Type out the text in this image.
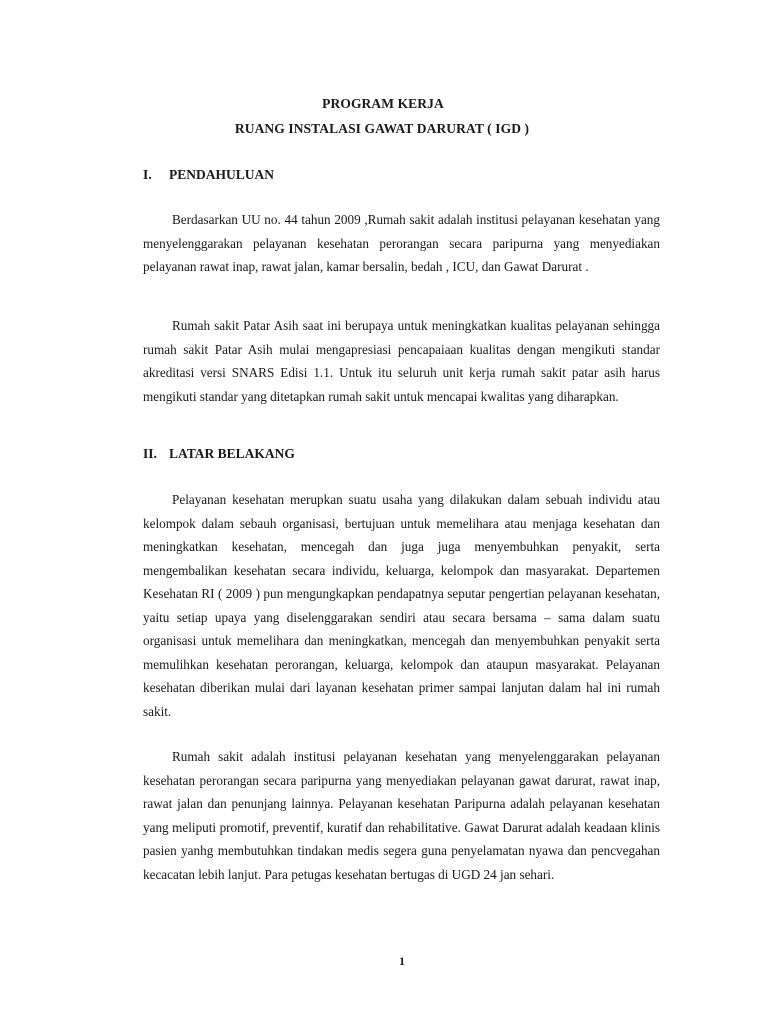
PROGRAM KERJA

RUANG INSTALASI GAWAT DARURAT ( IGD )

I. PENDAHULUAN

Berdasarkan UU no. 44 tahun 2009 ,Rumah sakit adalah institusi pelayanan kesehatan yang menyelenggarakan pelayanan kesehatan perorangan secara paripurna yang menyediakan pelayanan rawat inap, rawat jalan, kamar bersalin, bedah , ICU, dan Gawat Darurat .

Rumah sakit Patar Asih saat ini berupaya untuk meningkatkan kualitas pelayanan sehingga rumah sakit Patar Asih mulai mengapresiasi pencapaiaan kualitas dengan mengikuti standar akreditasi versi SNARS Edisi 1.1. Untuk itu seluruh unit kerja rumah sakit patar asih harus mengikuti standar yang ditetapkan rumah sakit untuk mencapai kwalitas yang diharapkan.

II. LATAR BELAKANG

Pelayanan kesehatan merupkan suatu usaha yang dilakukan dalam sebuah individu atau kelompok dalam sebauh organisasi, bertujuan untuk memelihara atau menjaga kesehatan dan meningkatkan kesehatan, mencegah dan juga juga menyembuhkan penyakit, serta mengembalikan kesehatan secara individu, keluarga, kelompok dan masyarakat. Departemen Kesehatan RI ( 2009 ) pun mengungkapkan pendapatnya seputar pengertian pelayanan kesehatan, yaitu setiap upaya yang diselenggarakan sendiri atau secara bersama – sama dalam suatu organisasi untuk memelihara dan meningkatkan, mencegah dan menyembuhkan penyakit serta memulihkan kesehatan perorangan, keluarga, kelompok dan ataupun masyarakat. Pelayanan kesehatan diberikan mulai dari layanan kesehatan primer sampai lanjutan dalam hal ini rumah sakit.

Rumah sakit adalah institusi pelayanan kesehatan yang menyelenggarakan pelayanan kesehatan perorangan secara paripurna yang menyediakan pelayanan gawat darurat, rawat inap, rawat jalan dan penunjang lainnya. Pelayanan kesehatan Paripurna adalah pelayanan kesehatan yang meliputi promotif, preventif, kuratif dan rehabilitative. Gawat Darurat adalah keadaan klinis pasien yanhg membutuhkan tindakan medis segera guna penyelamatan nyawa dan pencvegahan kecacatan lebih lanjut. Para petugas kesehatan bertugas di UGD 24 jan sehari.

1
